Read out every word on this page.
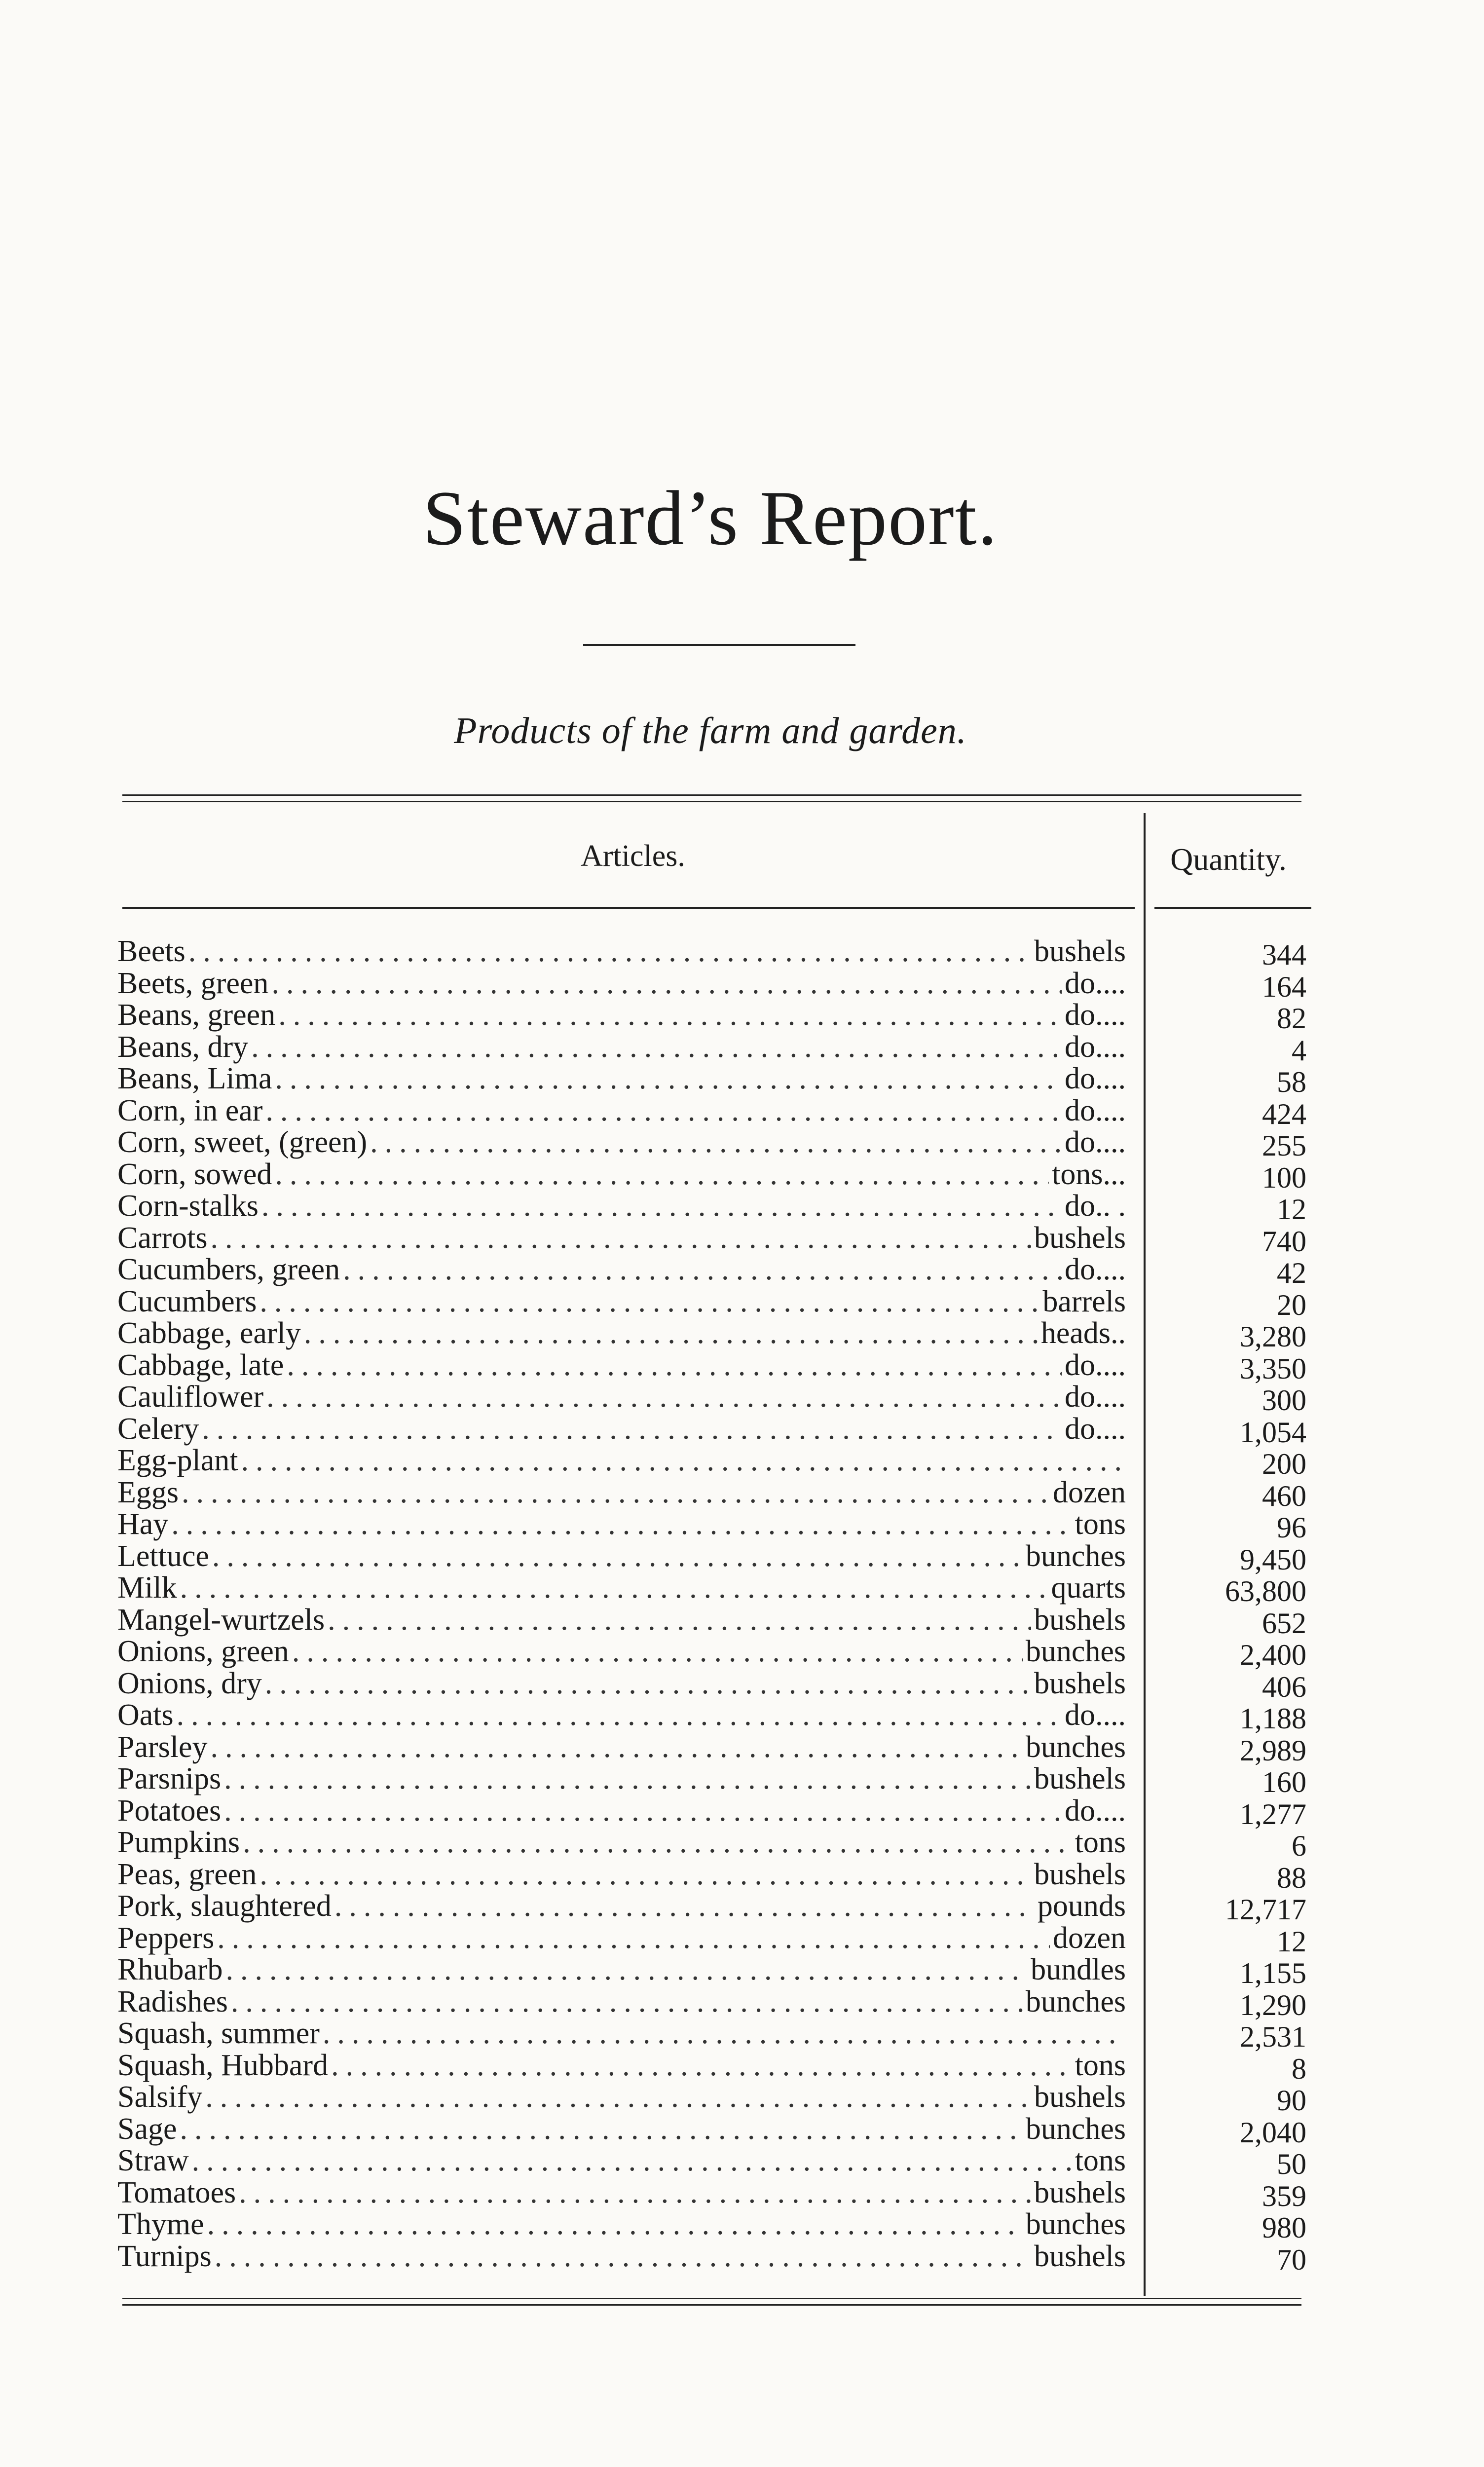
Steward’s Report.
Products of the farm and garden.
Articles.	Quantity.
Beets .....	bushels	344
Beets, green .....	do....	164
Beans, green .....	do....	82
Beans, dry .....	do....	4
Beans, Lima .....	do....	58
Corn, in ear .....	do....	424
Corn, sweet, (green) .....	do....	255
Corn, sowed .....	tons...	100
Corn-stalks .....	do.. .	12
Carrots .....	bushels	740
Cucumbers, green .....	do....	42
Cucumbers .....	barrels	20
Cabbage, early .....	heads..	3,280
Cabbage, late .....	do....	3,350
Cauliflower .....	do....	300
Celery .....	do....	1,054
Egg-plant .....	200
Eggs .....	dozen	460
Hay .....	tons	96
Lettuce .....	bunches	9,450
Milk .....	quarts	63,800
Mangel-wurtzels .....	bushels	652
Onions, green .....	bunches	2,400
Onions, dry .....	bushels	406
Oats .....	do....	1,188
Parsley .....	bunches	2,989
Parsnips .....	bushels	160
Potatoes .....	do....	1,277
Pumpkins .....	tons	6
Peas, green .....	bushels	88
Pork, slaughtered .....	pounds	12,717
Peppers .....	dozen	12
Rhubarb .....	bundles	1,155
Radishes .....	bunches	1,290
Squash, summer .....	2,531
Squash, Hubbard .....	tons	8
Salsify .....	bushels	90
Sage .....	bunches	2,040
Straw .....	tons	50
Tomatoes .....	bushels	359
Thyme .....	bunches	980
Turnips .....	bushels	70
